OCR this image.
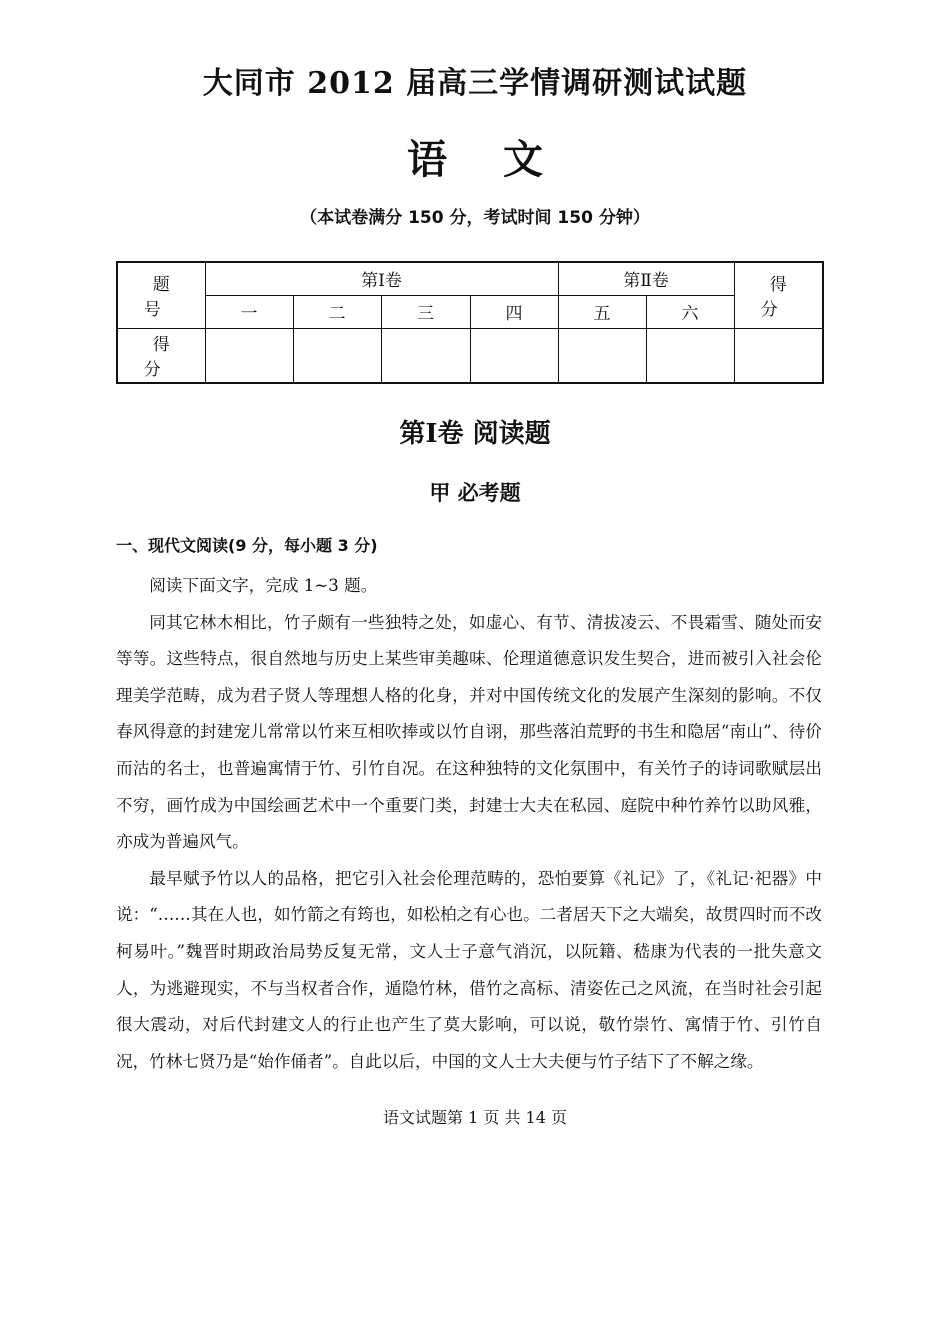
大同市 2012 届高三学情调研测试试题
语文
（本试卷满分 150 分，考试时间 150 分钟）
题 号	第Ⅰ卷				第Ⅱ卷		得 分
	一	二	三	四	五	六	
得 分							
第Ⅰ卷 阅读题
甲 必考题
一、现代文阅读(9 分，每小题 3 分)

阅读下面文字，完成 1~3 题。

同其它林木相比，竹子颇有一些独特之处，如虚心、有节、清拔凌云、不畏霜雪、随处而安等等。这些特点，很自然地与历史上某些审美趣味、伦理道德意识发生契合，进而被引入社会伦理美学范畴，成为君子贤人等理想人格的化身，并对中国传统文化的发展产生深刻的影响。不仅春风得意的封建宠儿常常以竹来互相吹捧或以竹自诩，那些落泊荒野的书生和隐居“南山”、待价而沽的名士，也普遍寓情于竹、引竹自况。在这种独特的文化氛围中，有关竹子的诗词歌赋层出不穷，画竹成为中国绘画艺术中一个重要门类，封建士大夫在私园、庭院中种竹养竹以助风雅，亦成为普遍风气。

最早赋予竹以人的品格，把它引入社会伦理范畴的，恐怕要算《礼记》了，《礼记·祀器》中说：“……其在人也，如竹箭之有筠也，如松柏之有心也。二者居天下之大端矣，故贯四时而不改柯易叶。”魏晋时期政治局势反复无常，文人士子意气消沉，以阮籍、嵇康为代表的一批失意文人，为逃避现实，不与当权者合作，遁隐竹林，借竹之高标、清姿佐己之风流，在当时社会引起很大震动，对后代封建文人的行止也产生了莫大影响，可以说，敬竹崇竹、寓情于竹、引竹自况，竹林七贤乃是“始作俑者”。自此以后，中国的文人士大夫便与竹子结下了不解之缘。

语文试题第 1 页 共 14 页
